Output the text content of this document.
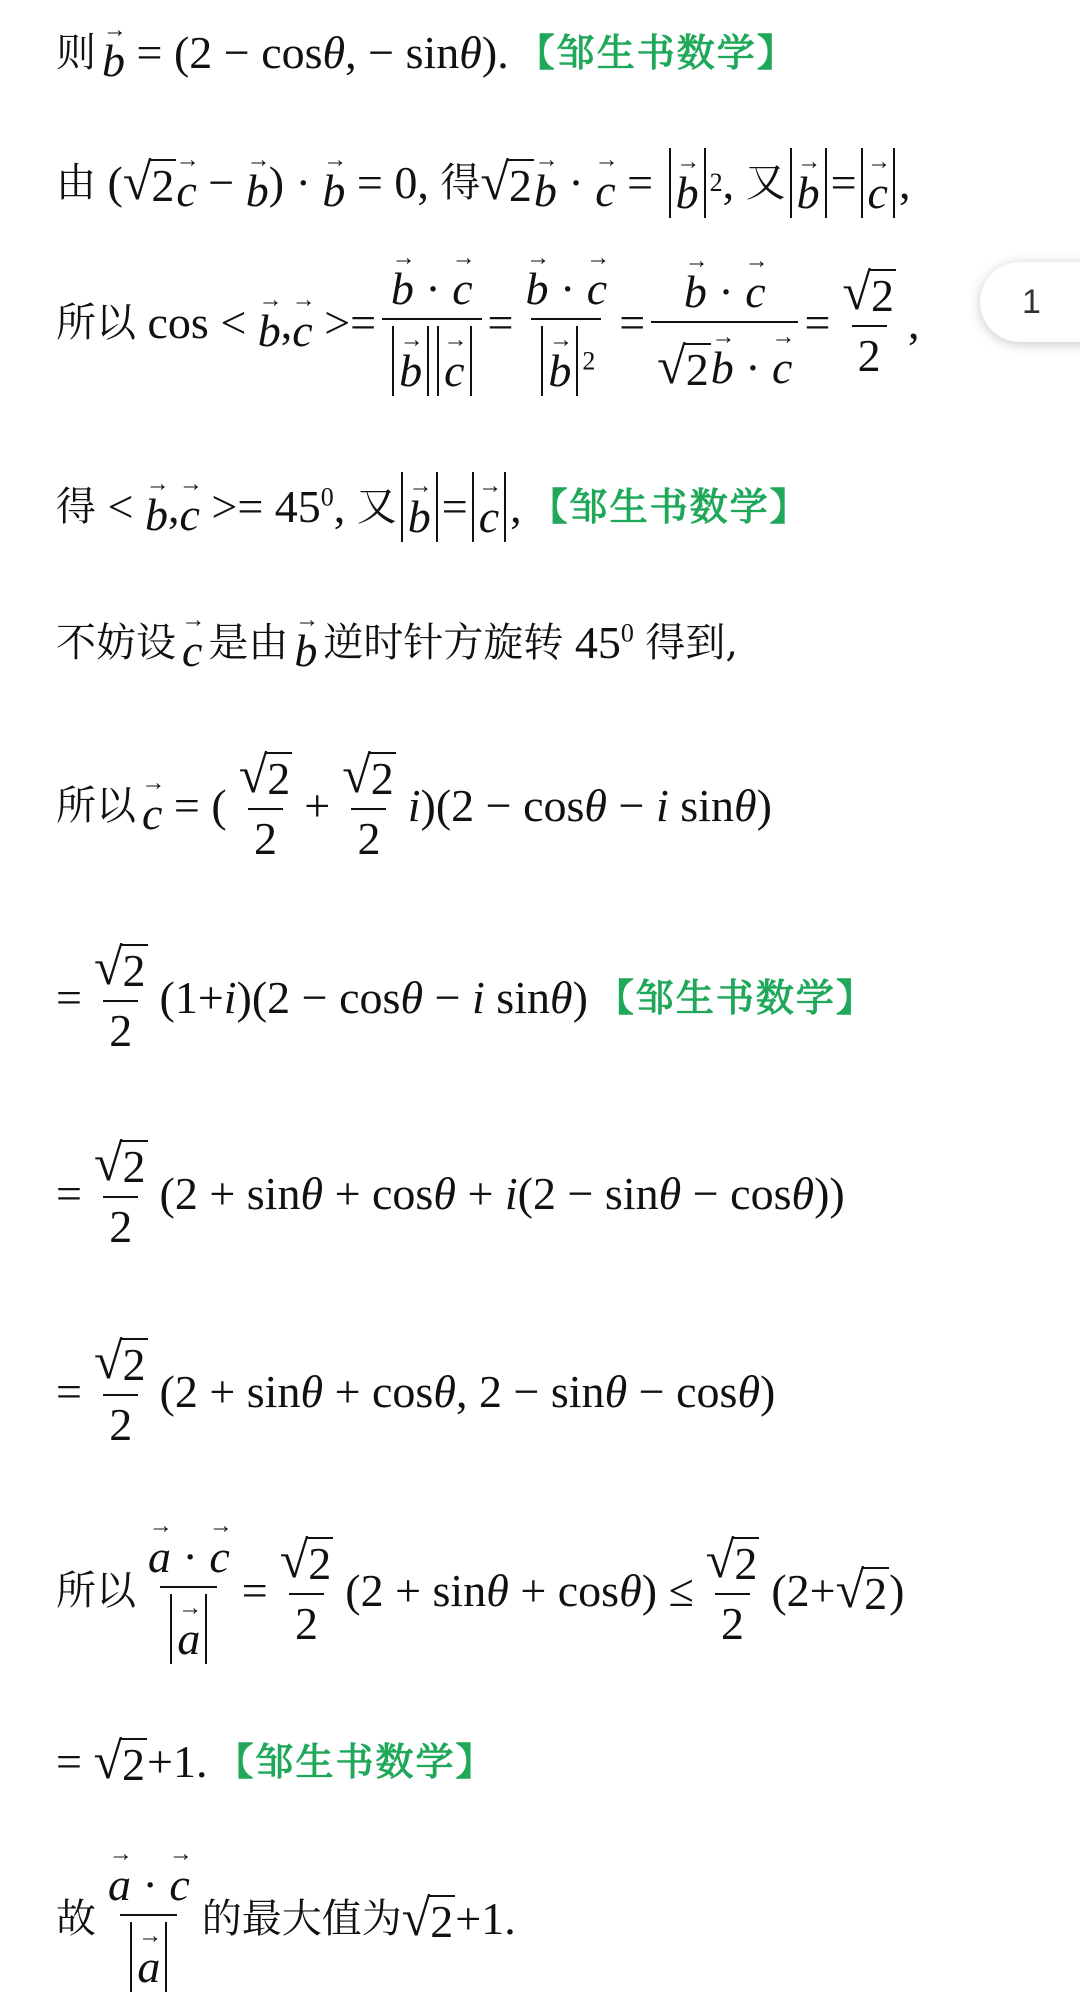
则
→ b = (2 − cos θ , − sin θ ). 【邹生书数学】
由 ( √ 2
→ c −
→ b ) ·
→ b = 0, 得 √ 2
→ b ·
→ c =
→ b 2 , 又
→ b =
→ c ,
所以 cos <
→ b ,
→ c >=
→ b · → c
→ b→ c =
→ b · → c
→ b $^2$ =
→ b · → c
√ 2
→ b · → $c = \frac{√ 2}{2}$ ,
得 <
→ b ,
→ $c >= 45^0$, 又
→ b =
→ c , 【邹生书数学】
不妨设
→ c 是由
→ b 逆时针方旋转 $45^0$ 得到,
所以
→ c = ( $\frac{√ 2}{2} + \frac{√ 2}{2}$ i )(2 − cos θ − i sin θ )
= $\frac{√ 2}{2} (1+ i$ )(2 − cos θ − i sin θ ) 【邹生书数学】
= $\frac{√ 2}{2} (2 + \sin \theta + \cos \theta + i$ (2 − sin θ − cos θ ))
= $\frac{√ 2}{2} (2 + \sin \theta + \cos \theta$ , 2 − sin θ − cos θ )
所以
→ a · → c
→ $a = \frac{√ 2}{2} (2 + \sin \theta + \cos \theta$ ) ≤ $\frac{√ 2}{2} (2+$ √ 2 )
= √ 2 +1. 【邹生书数学】
故
→ a · → c
→ a 的最大值为 √ 2 +1.
1
